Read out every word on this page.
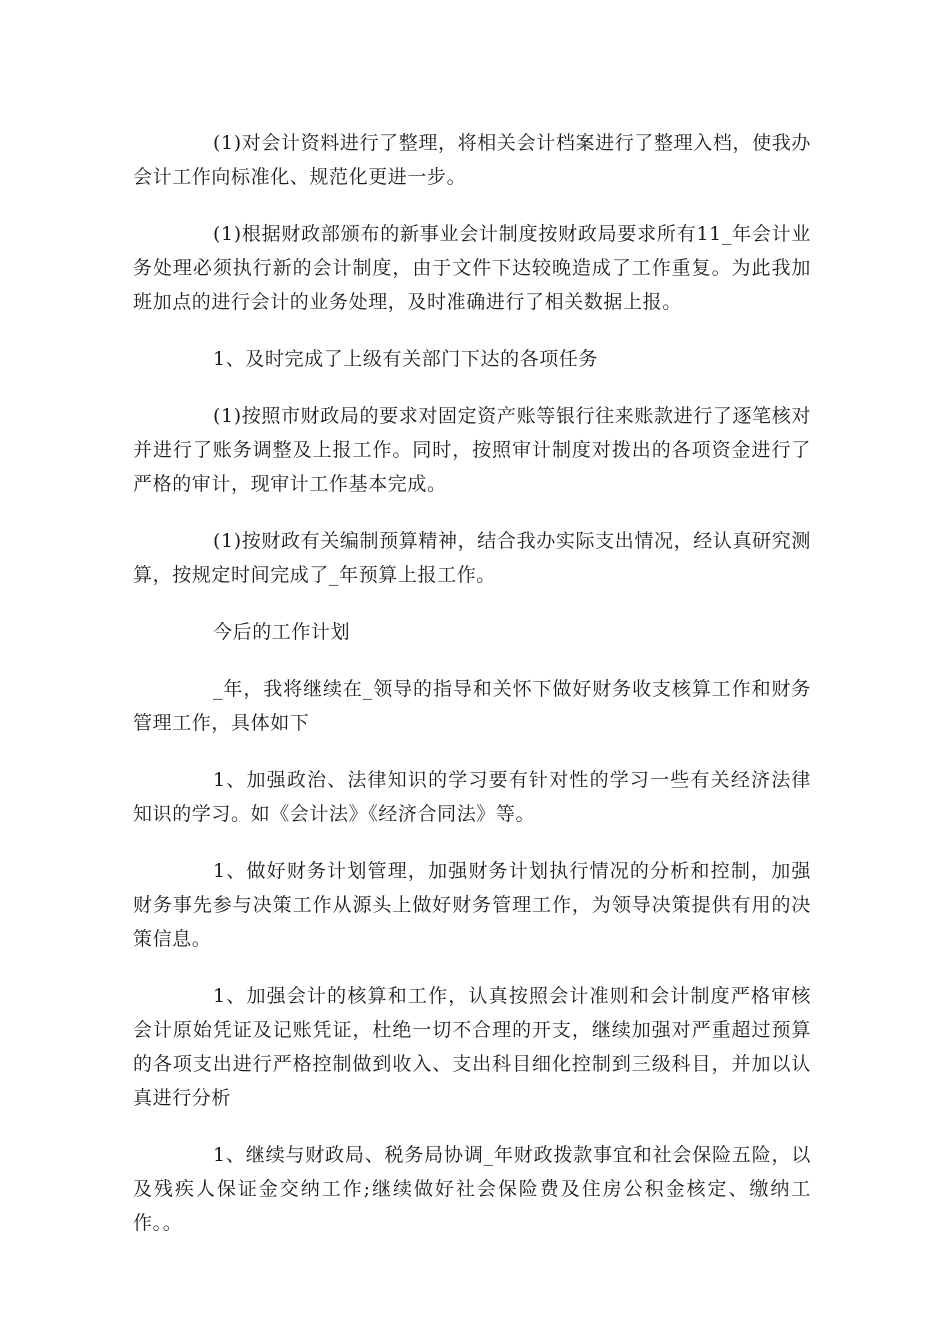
(1)对会计资料进行了整理，将相关会计档案进行了整理入档，使我办会计工作向标准化、规范化更进一步。

(1)根据财政部颁布的新事业会计制度按财政局要求所有11_年会计业务处理必须执行新的会计制度，由于文件下达较晚造成了工作重复。为此我加班加点的进行会计的业务处理，及时准确进行了相关数据上报。

1、及时完成了上级有关部门下达的各项任务

(1)按照市财政局的要求对固定资产账等银行往来账款进行了逐笔核对并进行了账务调整及上报工作。同时，按照审计制度对拨出的各项资金进行了严格的审计，现审计工作基本完成。

(1)按财政有关编制预算精神，结合我办实际支出情况，经认真研究测算，按规定时间完成了_年预算上报工作。

今后的工作计划

_年，我将继续在_领导的指导和关怀下做好财务收支核算工作和财务管理工作，具体如下

1、加强政治、法律知识的学习要有针对性的学习一些有关经济法律知识的学习。如《会计法》《经济合同法》等。

1、做好财务计划管理，加强财务计划执行情况的分析和控制，加强财务事先参与决策工作从源头上做好财务管理工作，为领导决策提供有用的决策信息。

1、加强会计的核算和工作，认真按照会计准则和会计制度严格审核会计原始凭证及记账凭证，杜绝一切不合理的开支，继续加强对严重超过预算的各项支出进行严格控制做到收入、支出科目细化控制到三级科目，并加以认真进行分析

1、继续与财政局、税务局协调_年财政拨款事宜和社会保险五险，以及残疾人保证金交纳工作;继续做好社会保险费及住房公积金核定、缴纳工作。。
